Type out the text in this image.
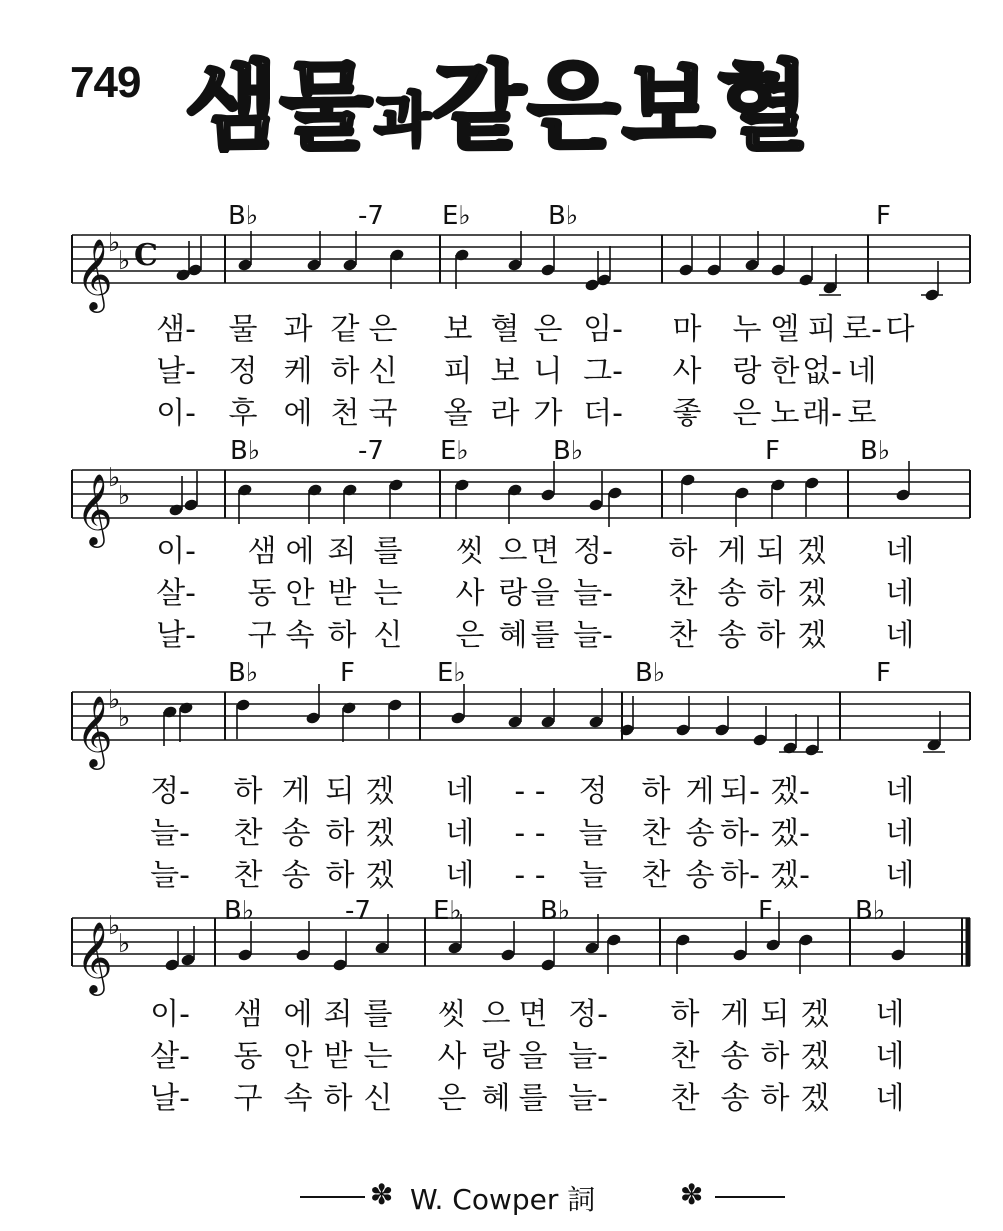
749 샘물과같은보혈
𝄞
♭
♭ C
𝄞
♭
♭
𝄞
♭
♭
𝄞
♭
♭
B♭	-7 E♭	B♭	F
샘- 물 과 같 은 보 혈 은 임- 마 누 엘 피 로- 다
날- 정 케 하 신 피 보 니 그- 사 랑 한 없- 네
이- 후 에 천 국 올 라 가 더- 좋 은 노 래- 로
B♭	-7 E♭	B♭	F	B♭
이- 샘 에 죄 를 씻 으 면 정- 하 게 되 겠 네
살- 동 안 받 는 사 랑 을 늘- 찬 송 하 겠 네
날- 구 속 하 신 은 혜 를 늘- 찬 송 하 겠 네
B♭	F	E♭	B♭	F
정- 하 게 되 겠 네 - - 정 하 게 되- 겠-	네
늘- 찬 송 하 겠 네 - - 늘 찬 송 하- 겠-	네
늘- 찬 송 하 겠 네 - - 늘 찬 송 하- 겠-	네
B♭	-7 E♭	B♭	F	B♭
이- 샘 에 죄 를 씻 으 면 정- 하 게 되 겠 네
살- 동 안 받 는 사 랑 을 늘- 찬 송 하 겠 네
날- 구 속 하 신 은 혜 를 늘- 찬 송 하 겠 네
✽ W. Cowper 詞	✽
